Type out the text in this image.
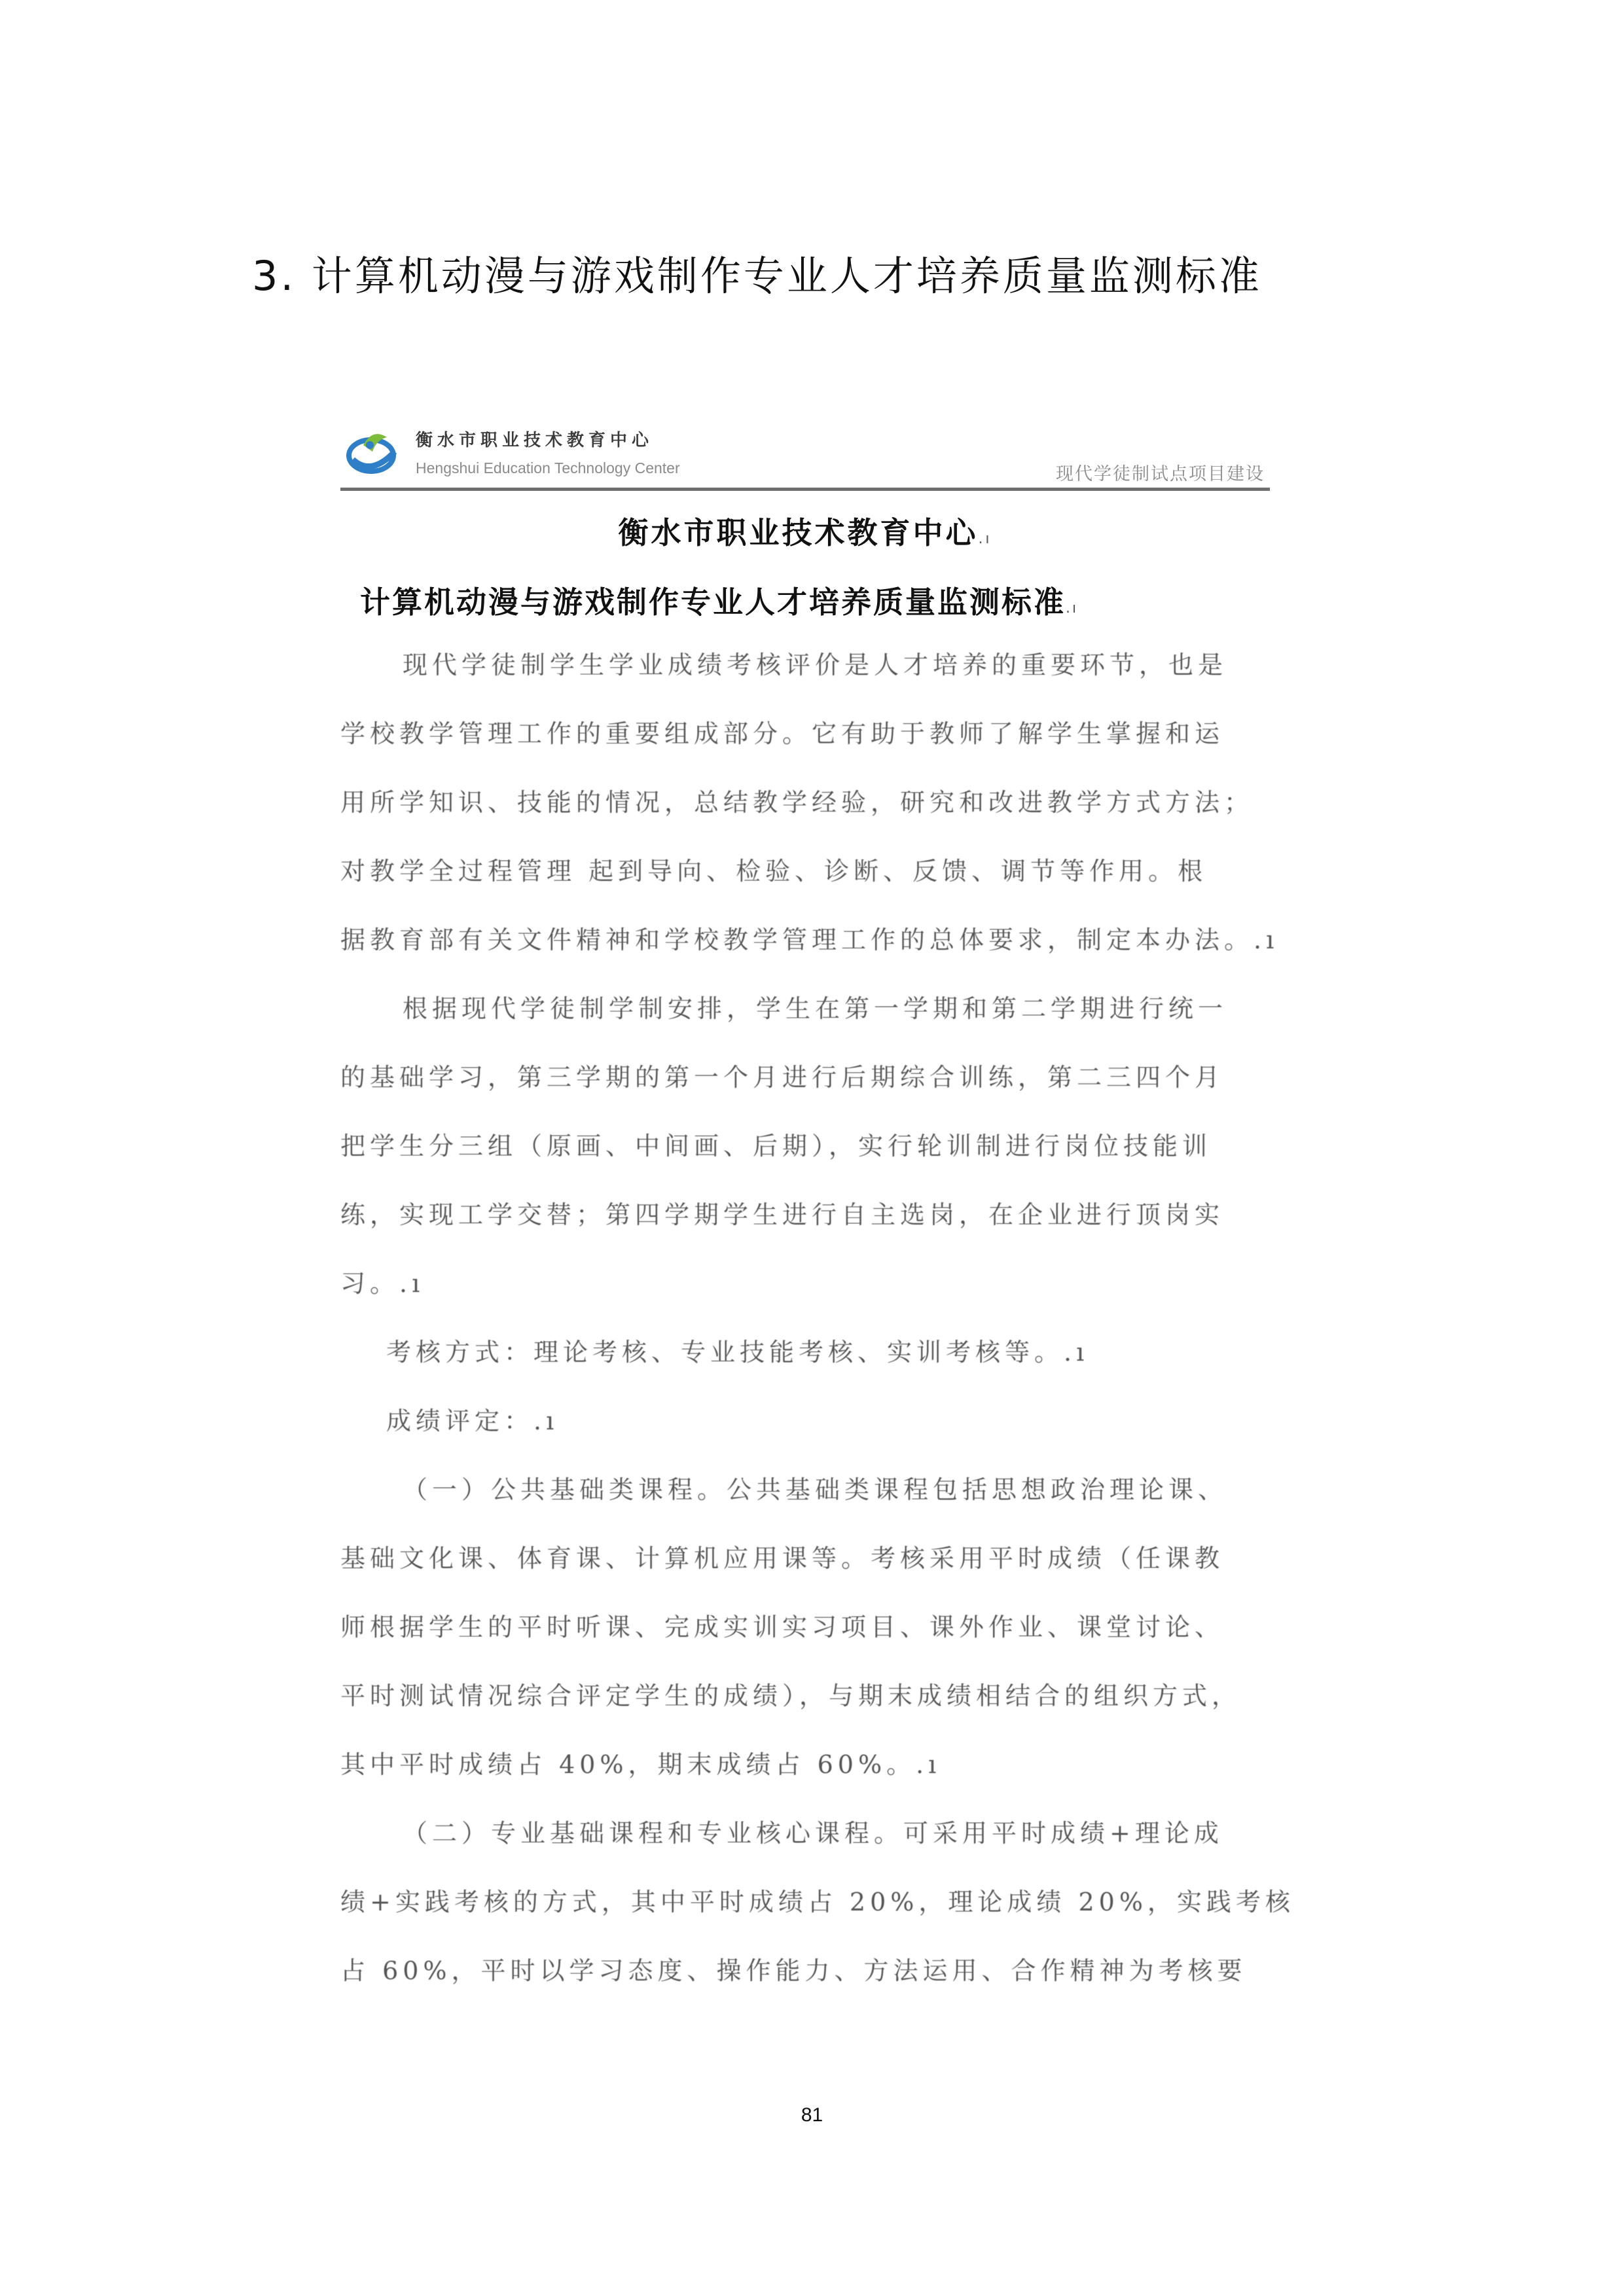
3. 计算机动漫与游戏制作专业人才培养质量监测标准
衡水市职业技术教育中心
Hengshui Education Technology Center	现代学徒制试点项目建设
衡水市职业技术教育中心.ı
计算机动漫与游戏制作专业人才培养质量监测标准.ı
现代学徒制学生学业成绩考核评价是人才培养的重要环节，也是
学校教学管理工作的重要组成部分。它有助于教师了解学生掌握和运
用所学知识、技能的情况，总结教学经验，研究和改进教学方式方法；
对教学全过程管理 起到导向、检验、诊断、反馈、调节等作用。根
据教育部有关文件精神和学校教学管理工作的总体要求，制定本办法。.ı
根据现代学徒制学制安排，学生在第一学期和第二学期进行统一
的基础学习，第三学期的第一个月进行后期综合训练，第二三四个月
把学生分三组（原画、中间画、后期），实行轮训制进行岗位技能训
练，实现工学交替；第四学期学生进行自主选岗，在企业进行顶岗实
习。.ı
考核方式：理论考核、专业技能考核、实训考核等。.ı
成绩评定：.ı
（一）公共基础类课程。公共基础类课程包括思想政治理论课、
基础文化课、体育课、计算机应用课等。考核采用平时成绩（任课教
师根据学生的平时听课、完成实训实习项目、课外作业、课堂讨论、
平时测试情况综合评定学生的成绩），与期末成绩相结合的组织方式，
其中平时成绩占 40%，期末成绩占 60%。.ı
（二）专业基础课程和专业核心课程。可采用平时成绩+理论成
绩+实践考核的方式，其中平时成绩占 20%，理论成绩 20%，实践考核
占 60%，平时以学习态度、操作能力、方法运用、合作精神为考核要
81
